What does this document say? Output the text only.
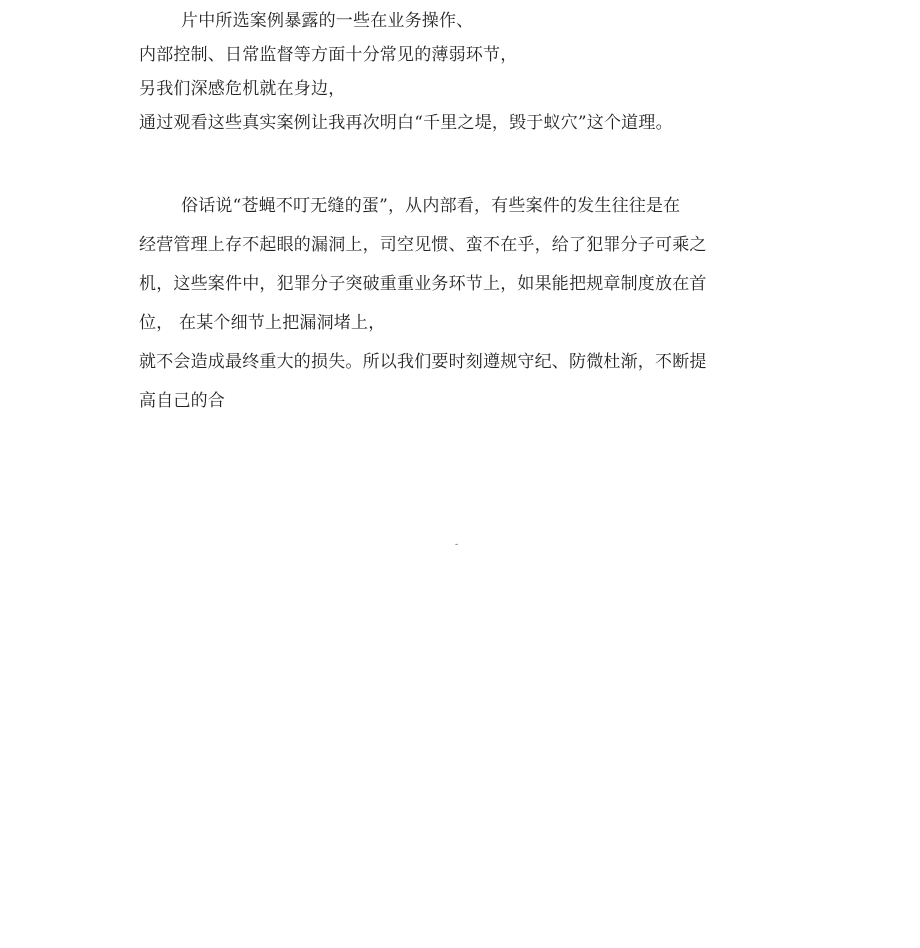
片中所选案例暴露的一些在业务操作、
内部控制、日常监督等方面十分常见的薄弱环节，
另我们深感危机就在身边，
通过观看这些真实案例让我再次明白“千里之堤，毁于蚁穴”这个道理。
俗话说“苍蝇不叮无缝的蛋”，从内部看，有些案件的发生往往是在
经营管理上存不起眼的漏洞上，司空见惯、蛮不在乎，给了犯罪分子可乘之
机，这些案件中，犯罪分子突破重重业务环节上，如果能把规章制度放在首
位， 在某个细节上把漏洞堵上，
就不会造成最终重大的损失。所以我们要时刻遵规守纪、防微杜渐，不断提
高自己的合
-
